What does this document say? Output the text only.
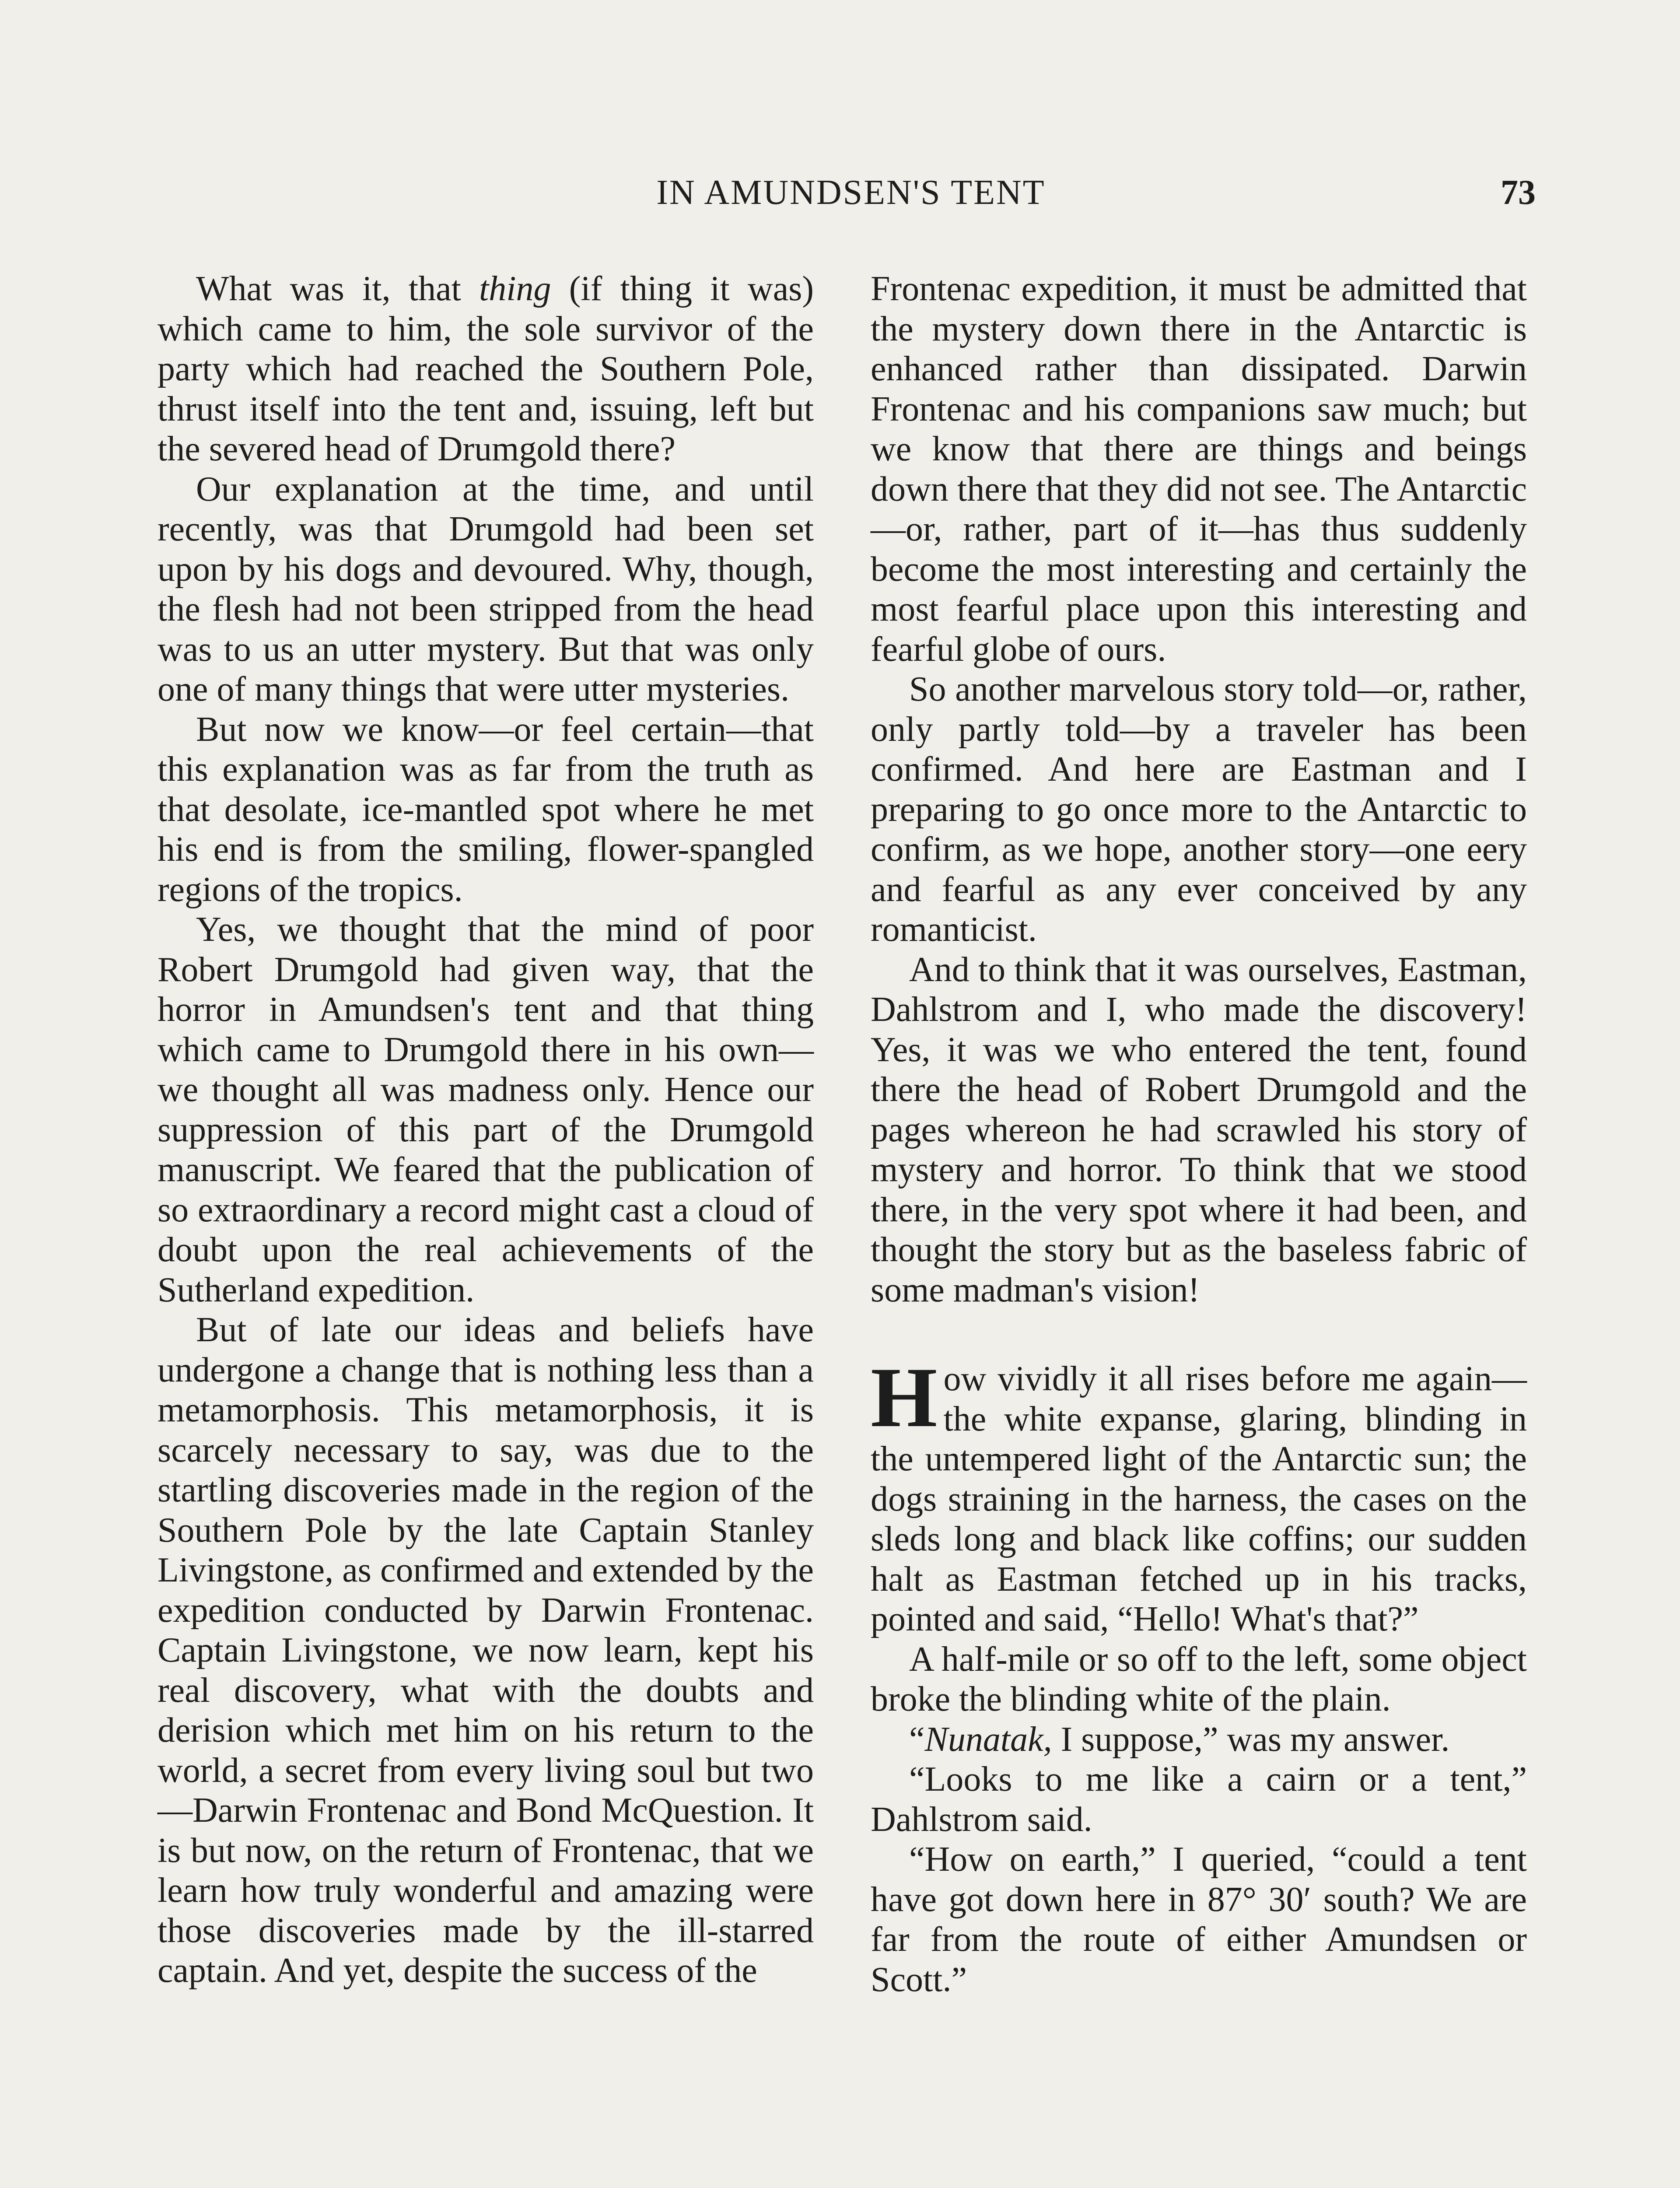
IN AMUNDSEN'S TENT	73

What was it, that thing (if thing it was) which came to him, the sole survivor of the party which had reached the Southern Pole, thrust itself into the tent and, issuing, left but the severed head of Drumgold there?

Our explanation at the time, and until recently, was that Drumgold had been set upon by his dogs and devoured. Why, though, the flesh had not been stripped from the head was to us an utter mystery. But that was only one of many things that were utter mysteries.

But now we know—or feel certain—that this explanation was as far from the truth as that desolate, ice-mantled spot where he met his end is from the smiling, flower-spangled regions of the tropics.

Yes, we thought that the mind of poor Robert Drumgold had given way, that the horror in Amundsen's tent and that thing which came to Drumgold there in his own—we thought all was madness only. Hence our suppression of this part of the Drumgold manuscript. We feared that the publication of so extraordinary a record might cast a cloud of doubt upon the real achievements of the Sutherland expedition.

But of late our ideas and beliefs have undergone a change that is nothing less than a metamorphosis. This metamorphosis, it is scarcely necessary to say, was due to the startling discoveries made in the region of the Southern Pole by the late Captain Stanley Livingstone, as confirmed and extended by the expedition conducted by Darwin Frontenac. Captain Livingstone, we now learn, kept his real discovery, what with the doubts and derision which met him on his return to the world, a secret from every living soul but two—Darwin Frontenac and Bond McQuestion. It is but now, on the return of Frontenac, that we learn how truly wonderful and amazing were those discoveries made by the ill-starred captain. And yet, despite the success of the

Frontenac expedition, it must be admitted that the mystery down there in the Antarctic is enhanced rather than dissipated. Darwin Frontenac and his companions saw much; but we know that there are things and beings down there that they did not see. The Antarctic—or, rather, part of it—has thus suddenly become the most interesting and certainly the most fearful place upon this interesting and fearful globe of ours.

So another marvelous story told—or, rather, only partly told—by a traveler has been confirmed. And here are Eastman and I preparing to go once more to the Antarctic to confirm, as we hope, another story—one eery and fearful as any ever conceived by any romanticist.

And to think that it was ourselves, Eastman, Dahlstrom and I, who made the discovery! Yes, it was we who entered the tent, found there the head of Robert Drumgold and the pages whereon he had scrawled his story of mystery and horror. To think that we stood there, in the very spot where it had been, and thought the story but as the baseless fabric of some madman's vision!

How vividly it all rises before me again—the white expanse, glaring, blinding in the untempered light of the Antarctic sun; the dogs straining in the harness, the cases on the sleds long and black like coffins; our sudden halt as Eastman fetched up in his tracks, pointed and said, “Hello! What's that?”

A half-mile or so off to the left, some object broke the blinding white of the plain.

“Nunatak, I suppose,” was my answer.

“Looks to me like a cairn or a tent,” Dahlstrom said.

“How on earth,” I queried, “could a tent have got down here in 87° 30′ south? We are far from the route of either Amundsen or Scott.”
